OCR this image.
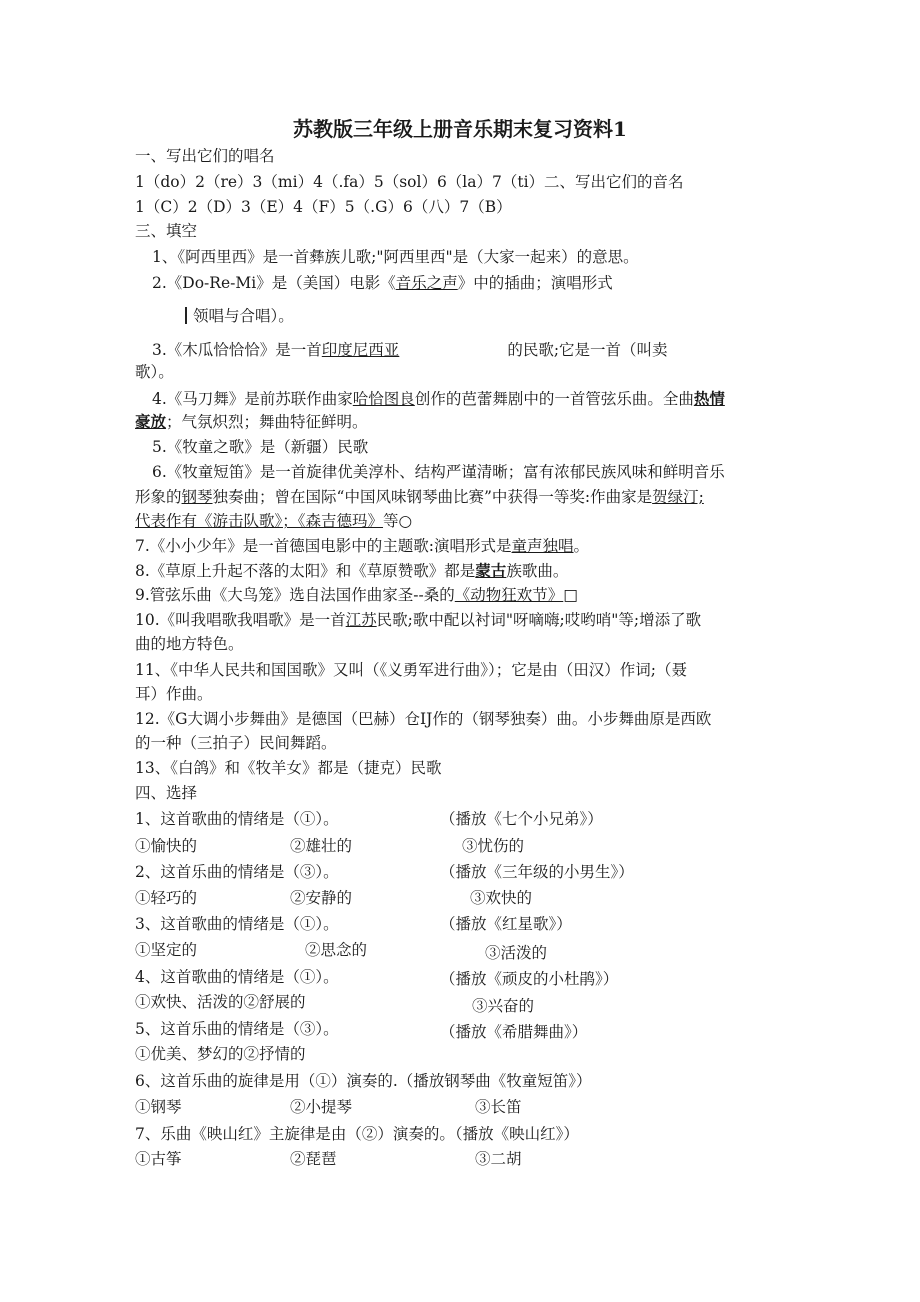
苏教版三年级上册音乐期末复习资料1
一、写出它们的唱名
1（do）2（re）3（mi）4（.fa）5（sol）6（la）7（ti）二、写出它们的音名
1（C）2（D）3（E）4（F）5（.G）6（八）7（B）
三、填空
1、《阿西里西》是一首彝族儿歌;"阿西里西"是（大家一起来）的意思。
2.《Do-Re-Mi》是（美国）电影《音乐之声》中的插曲；演唱形式
领唱与合唱）。
3.《木瓜恰恰恰》是一首印度尼西亚	的民歌;它是一首（叫卖
歌）。
4.《马刀舞》是前苏联作曲家哈恰图良创作的芭蕾舞剧中的一首管弦乐曲。全曲热情
豪放；气氛炽烈；舞曲特征鲜明。
5.《牧童之歌》是（新疆）民歌
6.《牧童短笛》是一首旋律优美淳朴、结构严谨清晰；富有浓郁民族风味和鲜明音乐
形象的钢琴独奏曲；曾在国际“中国风味钢琴曲比赛”中获得一等奖:作曲家是贺绿汀;
代表作有《游击队歌》；《森吉德玛》等○
7.《小小少年》是一首德国电影中的主题歌:演唱形式是童声独唱。
8.《草原上升起不落的太阳》和《草原赞歌》都是蒙古族歌曲。
9.管弦乐曲《大鸟笼》选自法国作曲家圣--桑的《动物狂欢节》□
10.《叫我唱歌我唱歌》是一首江苏民歌;歌中配以衬词"呀嘀嗨;哎哟哨"等;增添了歌
曲的地方特色。
11、《中华人民共和国国歌》又叫（《义勇军进行曲》）；它是由（田汉）作词;（聂
耳）作曲。
12.《G大调小步舞曲》是德国（巴赫）仓IJ作的（钢琴独奏）曲。小步舞曲原是西欧
的一种（三拍子）民间舞蹈。
13、《白鸽》和《牧羊女》都是（捷克）民歌
四、选择
1、这首歌曲的情绪是（①）。	（播放《七个小兄弟》）
①愉快的	②雄壮的	③忧伤的
2、这首乐曲的情绪是（③）。	（播放《三年级的小男生》）
①轻巧的	②安静的	③欢快的
3、这首歌曲的情绪是（①）。	（播放《红星歌》）
①坚定的	②思念的	③活泼的
4、这首歌曲的情绪是（①）。	（播放《顽皮的小杜鹃》）
①欢快、活泼的②舒展的	③兴奋的
5、这首乐曲的情绪是（③）。	（播放《希腊舞曲》）
①优美、梦幻的②抒情的
6、这首乐曲的旋律是用（①）演奏的.（播放钢琴曲《牧童短笛》）
①钢琴	②小提琴	③长笛
7、乐曲《映山红》主旋律是由（②）演奏的。（播放《映山红》）
①古筝	②琵琶	③二胡
